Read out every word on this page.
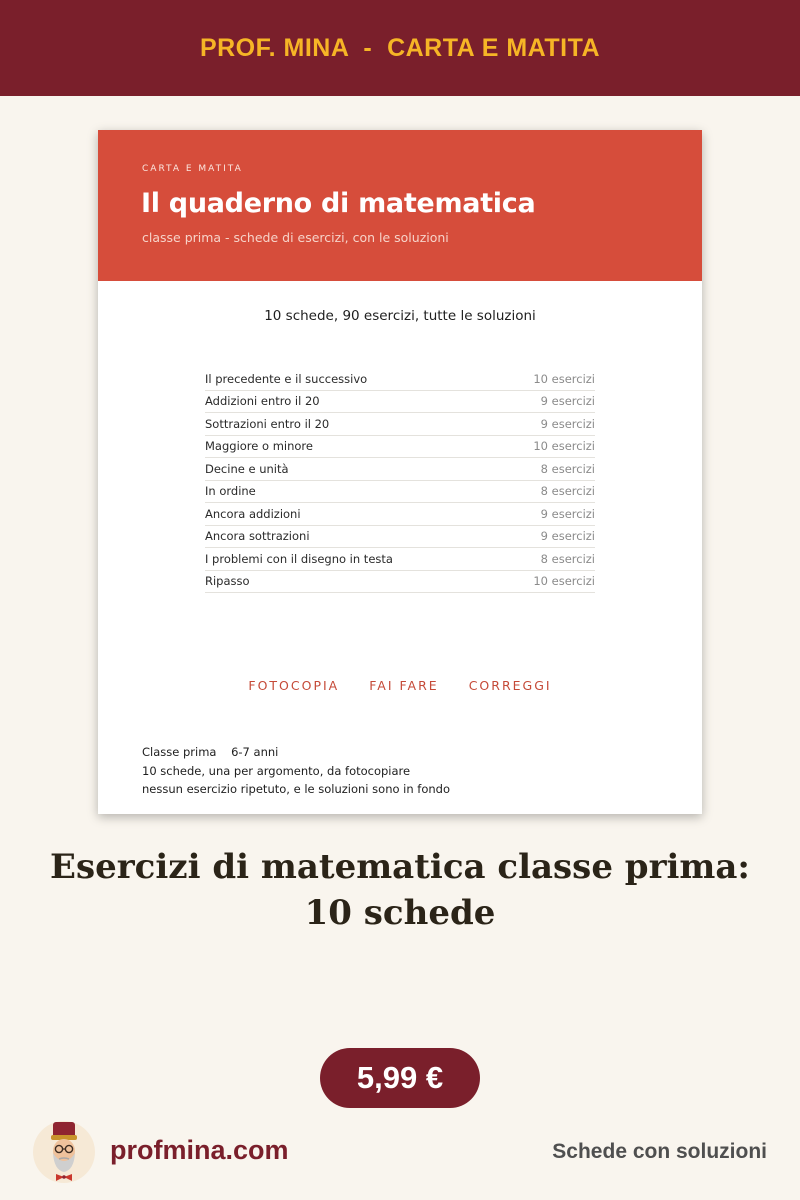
PROF. MINA  -  CARTA E MATITA
CARTA E MATITA
Il quaderno di matematica
classe prima - schede di esercizi, con le soluzioni
10 schede, 90 esercizi, tutte le soluzioni
Il precedente e il successivo	10 esercizi
Addizioni entro il 20	9 esercizi
Sottrazioni entro il 20	9 esercizi
Maggiore o minore	10 esercizi
Decine e unità	8 esercizi
In ordine	8 esercizi
Ancora addizioni	9 esercizi
Ancora sottrazioni	9 esercizi
I problemi con il disegno in testa	8 esercizi
Ripasso	10 esercizi
FOTOCOPIA FAI FARE CORREGGI
Classe prima    6-7 anni
10 schede, una per argomento, da fotocopiare
nessun esercizio ripetuto, e le soluzioni sono in fondo
Esercizi di matematica classe prima:
10 schede
5,99 €
profmina.com	Schede con soluzioni
